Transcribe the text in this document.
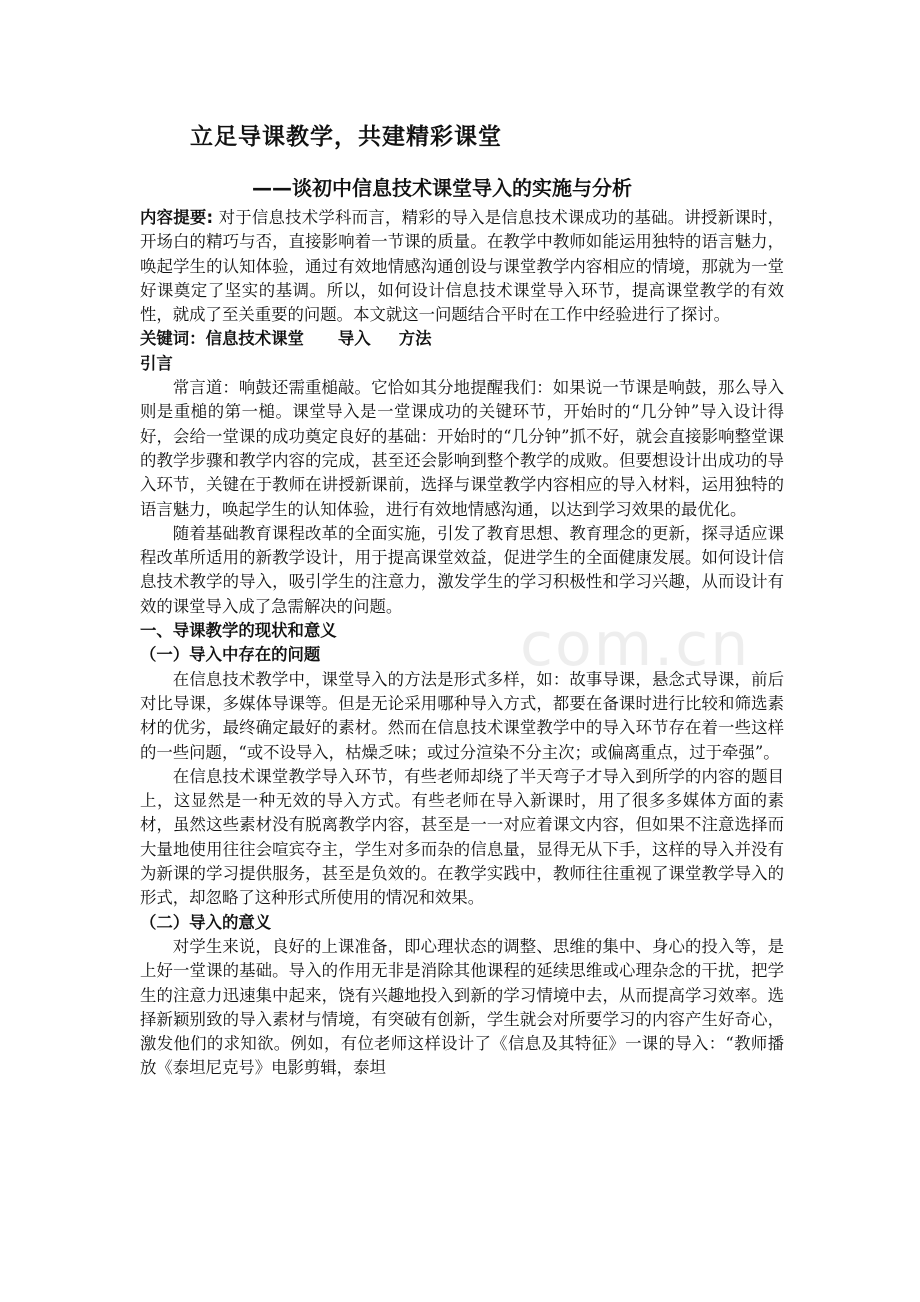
com.cn
立足导课教学，共建精彩课堂
——谈初中信息技术课堂导入的实施与分析

内容提要: 对于信息技术学科而言，精彩的导入是信息技术课成功的基础。讲授新课时，开场白的精巧与否，直接影响着一节课的质量。在教学中教师如能运用独特的语言魅力，唤起学生的认知体验，通过有效地情感沟通创设与课堂教学内容相应的情境，那就为一堂好课奠定了坚实的基调。所以，如何设计信息技术课堂导入环节，提高课堂教学的有效性，就成了至关重要的问题。本文就这一问题结合平时在工作中经验进行了探讨。

关键词：信息技术课堂 导入 方法

引言

常言道：响鼓还需重槌敲。它恰如其分地提醒我们：如果说一节课是响鼓，那么导入则是重槌的第一槌。课堂导入是一堂课成功的关键环节，开始时的“几分钟”导入设计得好，会给一堂课的成功奠定良好的基础：开始时的“几分钟”抓不好，就会直接影响整堂课的教学步骤和教学内容的完成，甚至还会影响到整个教学的成败。但要想设计出成功的导入环节，关键在于教师在讲授新课前，选择与课堂教学内容相应的导入材料，运用独特的语言魅力，唤起学生的认知体验，进行有效地情感沟通，以达到学习效果的最优化。

随着基础教育课程改革的全面实施，引发了教育思想、教育理念的更新，探寻适应课程改革所适用的新教学设计，用于提高课堂效益，促进学生的全面健康发展。如何设计信息技术教学的导入，吸引学生的注意力，激发学生的学习积极性和学习兴趣，从而设计有效的课堂导入成了急需解决的问题。

一、导课教学的现状和意义

（一）导入中存在的问题

在信息技术教学中，课堂导入的方法是形式多样，如：故事导课，悬念式导课，前后对比导课，多媒体导课等。但是无论采用哪种导入方式，都要在备课时进行比较和筛选素材的优劣，最终确定最好的素材。然而在信息技术课堂教学中的导入环节存在着一些这样的一些问题，“或不设导入，枯燥乏味；或过分渲染不分主次；或偏离重点，过于牵强”。

在信息技术课堂教学导入环节，有些老师却绕了半天弯子才导入到所学的内容的题目上，这显然是一种无效的导入方式。有些老师在导入新课时，用了很多多媒体方面的素材，虽然这些素材没有脱离教学内容，甚至是一一对应着课文内容，但如果不注意选择而大量地使用往往会喧宾夺主，学生对多而杂的信息量，显得无从下手，这样的导入并没有为新课的学习提供服务，甚至是负效的。在教学实践中，教师往往重视了课堂教学导入的形式，却忽略了这种形式所使用的情况和效果。

（二）导入的意义

对学生来说，良好的上课准备，即心理状态的调整、思维的集中、身心的投入等，是上好一堂课的基础。导入的作用无非是消除其他课程的延续思维或心理杂念的干扰，把学生的注意力迅速集中起来，饶有兴趣地投入到新的学习情境中去，从而提高学习效率。选择新颖别致的导入素材与情境，有突破有创新，学生就会对所要学习的内容产生好奇心，激发他们的求知欲。例如，有位老师这样设计了《信息及其特征》一课的导入：“教师播放《泰坦尼克号》电影剪辑，泰坦
